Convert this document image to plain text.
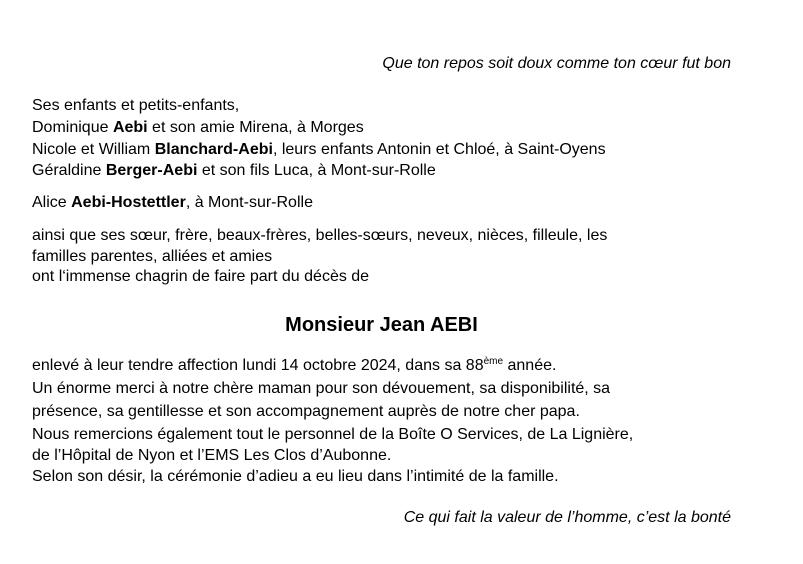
Que ton repos soit doux comme ton cœur fut bon
Ses enfants et petits-enfants,
Dominique Aebi et son amie Mirena, à Morges
Nicole et William Blanchard-Aebi, leurs enfants Antonin et Chloé, à Saint-Oyens
Géraldine Berger-Aebi et son fils Luca, à Mont-sur-Rolle
Alice Aebi-Hostettler, à Mont-sur-Rolle
ainsi que ses sœur, frère, beaux-frères, belles-sœurs, neveux, nièces, filleule, les
familles parentes, alliées et amies
ont l‘immense chagrin de faire part du décès de
Monsieur Jean AEBI
enlevé à leur tendre affection lundi 14 octobre 2024, dans sa 88ème année.
Un énorme merci à notre chère maman pour son dévouement, sa disponibilité, sa
présence, sa gentillesse et son accompagnement auprès de notre cher papa.
Nous remercions également tout le personnel de la Boîte O Services, de La Lignière,
de l’Hôpital de Nyon et l’EMS Les Clos d’Aubonne.
Selon son désir, la cérémonie d’adieu a eu lieu dans l’intimité de la famille.
Ce qui fait la valeur de l’homme, c’est la bonté
